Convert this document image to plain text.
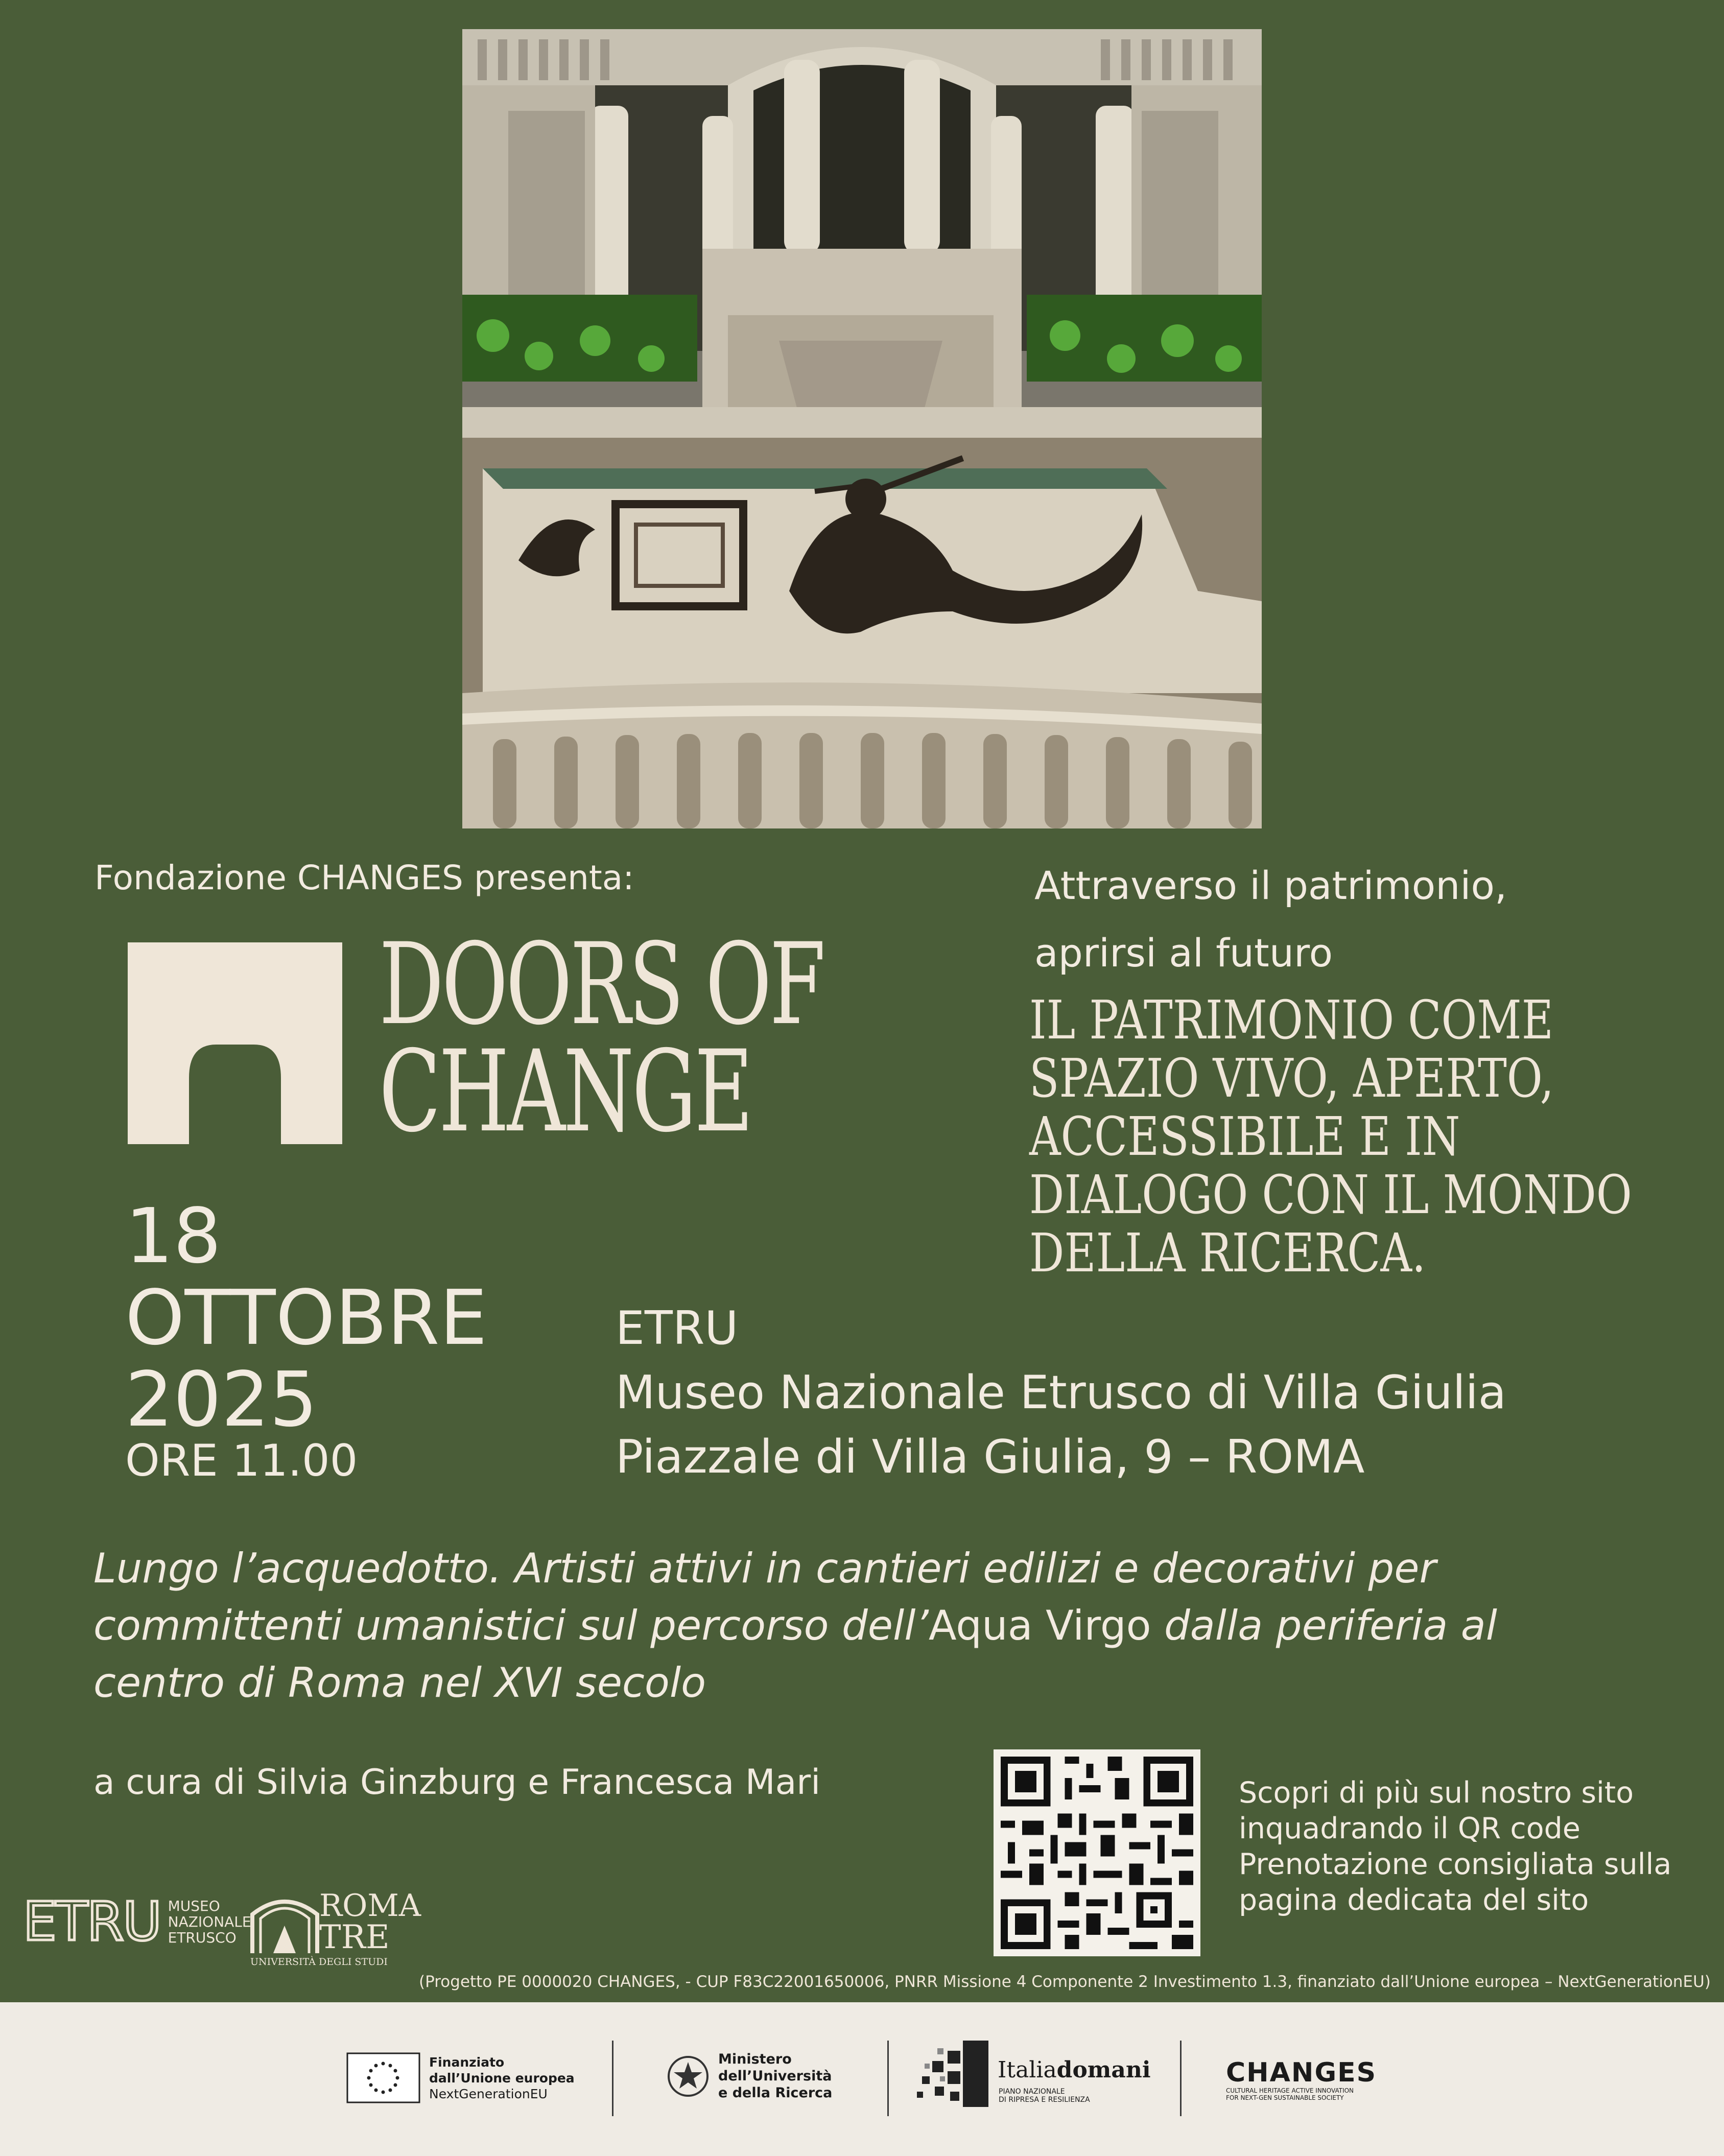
Fondazione CHANGES presenta:	Attraverso il patrimonio,
aprirsi al futuro
DOORS OF
CHANGE
IL PATRIMONIO COME
SPAZIO VIVO, APERTO,
ACCESSIBILE E IN
DIALOGO CON IL MONDO
DELLA RICERCA.
18
OTTOBRE
2025
ORE 11.00
ETRU
Museo Nazionale Etrusco di Villa Giulia
Piazzale di Villa Giulia, 9 – ROMA
Lungo l’acquedotto. Artisti attivi in cantieri edilizi e decorativi per committenti umanistici sul percorso dell’Aqua Virgo dalla periferia al centro di Roma nel XVI secolo
a cura di Silvia Ginzburg e Francesca Mari	Scopri di più sul nostro sito
inquadrando il QR code
Prenotazione consigliata sulla
pagina dedicata del sito
ETRU MUSEO
NAZIONALE
ETRUSCO
ROMA
TRE
UNIVERSITÀ DEGLI STUDI
(Progetto PE 0000020 CHANGES, - CUP F83C22001650006, PNRR Missione 4 Componente 2 Investimento 1.3, finanziato dall’Unione europea – NextGenerationEU)
Finanziato
dall’Unione europea
NextGenerationEU
Ministero
dell’Università
e della Ricerca
Italiadomani
PIANO NAZIONALE
DI RIPRESA E RESILIENZA
CHANGES
CULTURAL HERITAGE ACTIVE INNOVATION
FOR NEXT-GEN SUSTAINABLE SOCIETY
